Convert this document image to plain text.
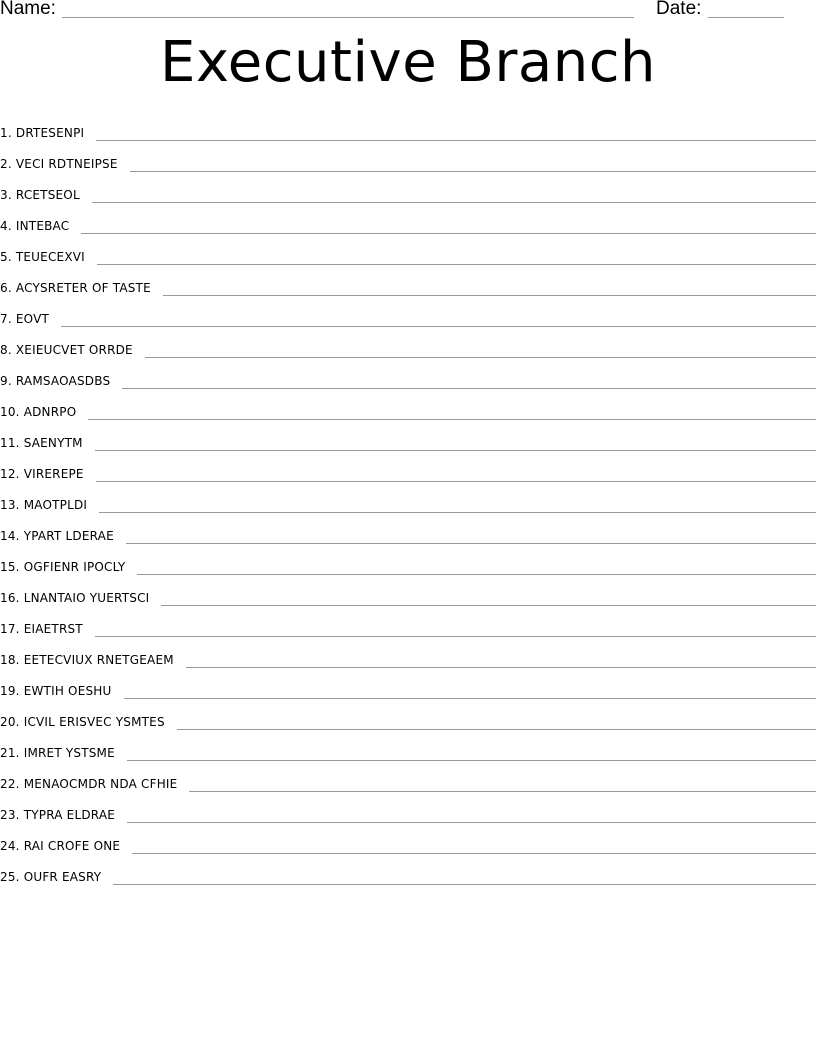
Name:	Date:
Executive Branch
1. DRTESENPI
2. VECI RDTNEIPSE
3. RCETSEOL
4. INTEBAC
5. TEUECEXVI
6. ACYSRETER OF TASTE
7. EOVT
8. XEIEUCVET ORRDE
9. RAMSAOASDBS
10. ADNRPO
11. SAENYTM
12. VIREREPE
13. MAOTPLDI
14. YPART LDERAE
15. OGFIENR IPOCLY
16. LNANTAIO YUERTSCI
17. EIAETRST
18. EETECVIUX RNETGEAEM
19. EWTIH OESHU
20. ICVIL ERISVEC YSMTES
21. IMRET YSTSME
22. MENAOCMDR NDA CFHIE
23. TYPRA ELDRAE
24. RAI CROFE ONE
25. OUFR EASRY
